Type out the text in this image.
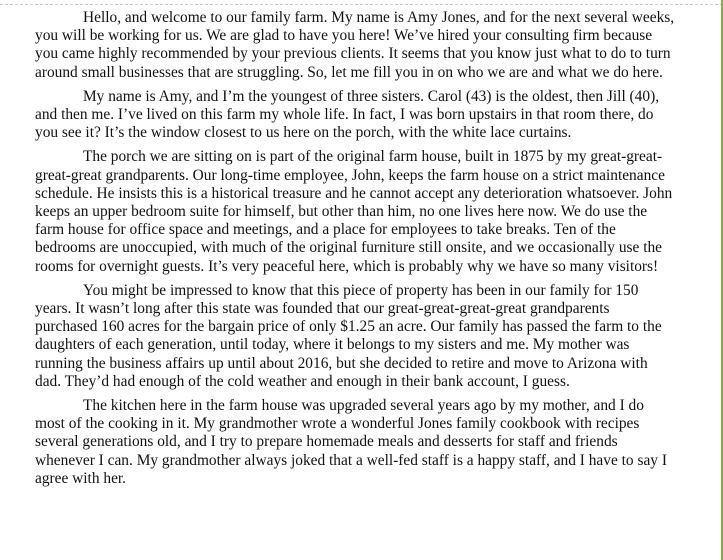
Hello, and welcome to our family farm. My name is Amy Jones, and for the next several weeks, you will be working for us. We are glad to have you here! We’ve hired your consulting firm because you came highly recommended by your previous clients. It seems that you know just what to do to turn around small businesses that are struggling. So, let me fill you in on who we are and what we do here.

My name is Amy, and I’m the youngest of three sisters. Carol (43) is the oldest, then Jill (40), and then me. I’ve lived on this farm my whole life. In fact, I was born upstairs in that room there, do you see it? It’s the window closest to us here on the porch, with the white lace curtains.

The porch we are sitting on is part of the original farm house, built in 1875 by my great-great-great-great grandparents. Our long-time employee, John, keeps the farm house on a strict maintenance schedule. He insists this is a historical treasure and he cannot accept any deterioration whatsoever. John keeps an upper bedroom suite for himself, but other than him, no one lives here now. We do use the farm house for office space and meetings, and a place for employees to take breaks. Ten of the bedrooms are unoccupied, with much of the original furniture still onsite, and we occasionally use the rooms for overnight guests. It’s very peaceful here, which is probably why we have so many visitors!

You might be impressed to know that this piece of property has been in our family for 150 years. It wasn’t long after this state was founded that our great-great-great-great grandparents purchased 160 acres for the bargain price of only $1.25 an acre. Our family has passed the farm to the daughters of each generation, until today, where it belongs to my sisters and me. My mother was running the business affairs up until about 2016, but she decided to retire and move to Arizona with dad. They’d had enough of the cold weather and enough in their bank account, I guess.

The kitchen here in the farm house was upgraded several years ago by my mother, and I do most of the cooking in it. My grandmother wrote a wonderful Jones family cookbook with recipes several generations old, and I try to prepare homemade meals and desserts for staff and friends whenever I can. My grandmother always joked that a well-fed staff is a happy staff, and I have to say I agree with her.
